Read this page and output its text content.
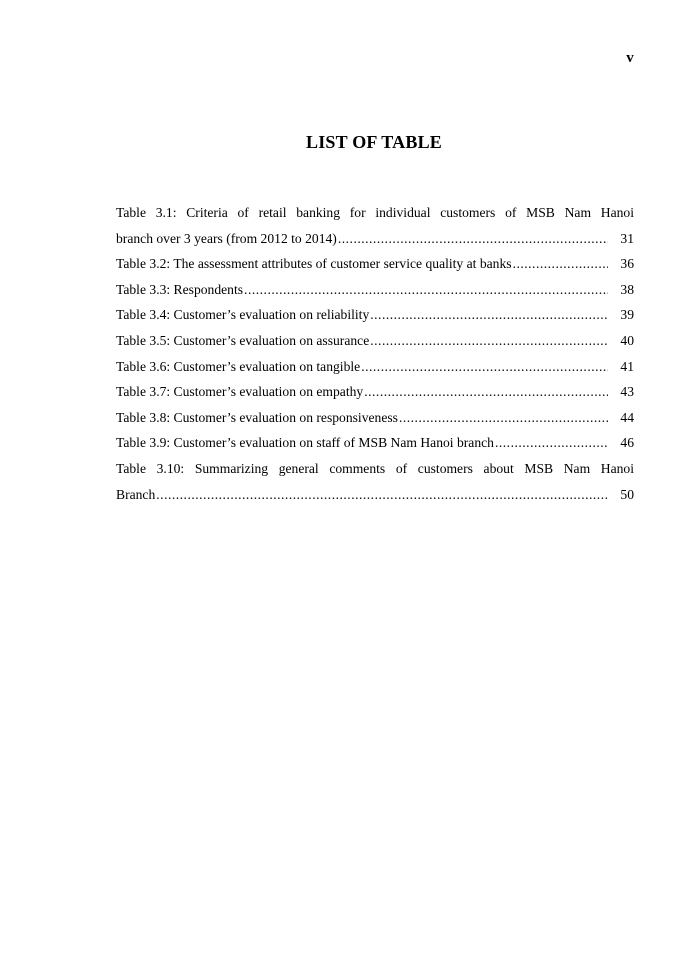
v
LIST OF TABLE
Table 3.1: Criteria of retail banking for individual customers of MSB Nam Hanoi
branch over 3 years (from 2012 to 2014) .....	31
Table 3.2: The assessment attributes of customer service quality at banks .....	36
Table 3.3: Respondents .....	38
Table 3.4: Customer’s evaluation on reliability .....	39
Table 3.5: Customer’s evaluation on assurance .....	40
Table 3.6: Customer’s evaluation on tangible .....	41
Table 3.7: Customer’s evaluation on empathy .....	43
Table 3.8: Customer’s evaluation on responsiveness .....	44
Table 3.9: Customer’s evaluation on staff of MSB Nam Hanoi branch .....	46
Table 3.10: Summarizing general comments of customers about MSB Nam Hanoi
Branch .....	50
